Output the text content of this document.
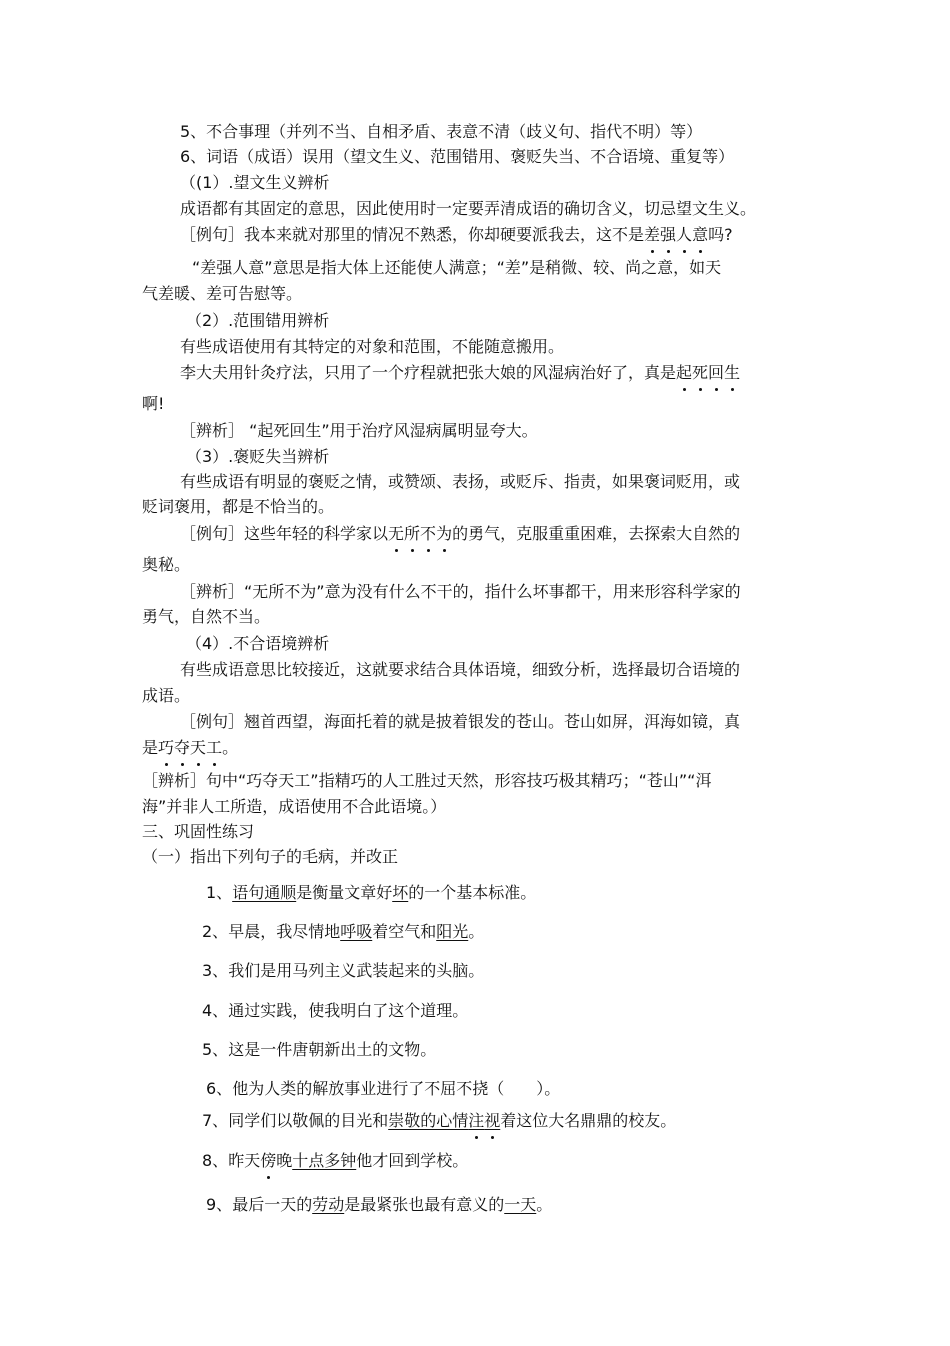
5、不合事理（并列不当、自相矛盾、表意不清（歧义句、指代不明）等）
6、词语（成语）误用（望文生义、范围错用、褒贬失当、不合语境、重复等）
（(1）.望文生义辨析
成语都有其固定的意思，因此使用时一定要弄清成语的确切含义，切忌望文生义。
［例句］我本来就对那里的情况不熟悉，你却硬要派我去，这不是差强人意吗?
“差强人意”意思是指大体上还能使人满意；“差”是稍微、较、尚之意，如天
气差暖、差可告慰等。
（2）.范围错用辨析
有些成语使用有其特定的对象和范围，不能随意搬用。
李大夫用针灸疗法，只用了一个疗程就把张大娘的风湿病治好了，真是起死回生
啊!
［辨析］ “起死回生”用于治疗风湿病属明显夸大。
（3）.褒贬失当辨析
有些成语有明显的褒贬之情，或赞颂、表扬，或贬斥、指责，如果褒词贬用，或
贬词褒用，都是不恰当的。
［例句］这些年轻的科学家以无所不为的勇气，克服重重困难，去探索大自然的
奥秘。
［辨析］“无所不为”意为没有什么不干的，指什么坏事都干，用来形容科学家的
勇气，自然不当。
（4）.不合语境辨析
有些成语意思比较接近，这就要求结合具体语境，细致分析，选择最切合语境的
成语。
［例句］翘首西望，海面托着的就是披着银发的苍山。苍山如屏，洱海如镜，真
是巧夺天工。
［辨析］句中“巧夺天工”指精巧的人工胜过天然，形容技巧极其精巧；“苍山”“洱
海”并非人工所造，成语使用不合此语境。）
三、巩固性练习
（一）指出下列句子的毛病，并改正
1、语句通顺是衡量文章好坏的一个基本标准。
2、早晨，我尽情地呼吸着空气和阳光。
3、我们是用马列主义武装起来的头脑。
4、通过实践，使我明白了这个道理。
5、这是一件唐朝新出土的文物。
6、他为人类的解放事业进行了不屈不挠（　　）。
7、同学们以敬佩的目光和崇敬的心情注视着这位大名鼎鼎的校友。
8、昨天傍晚十点多钟他才回到学校。
9、最后一天的劳动是最紧张也最有意义的一天。
